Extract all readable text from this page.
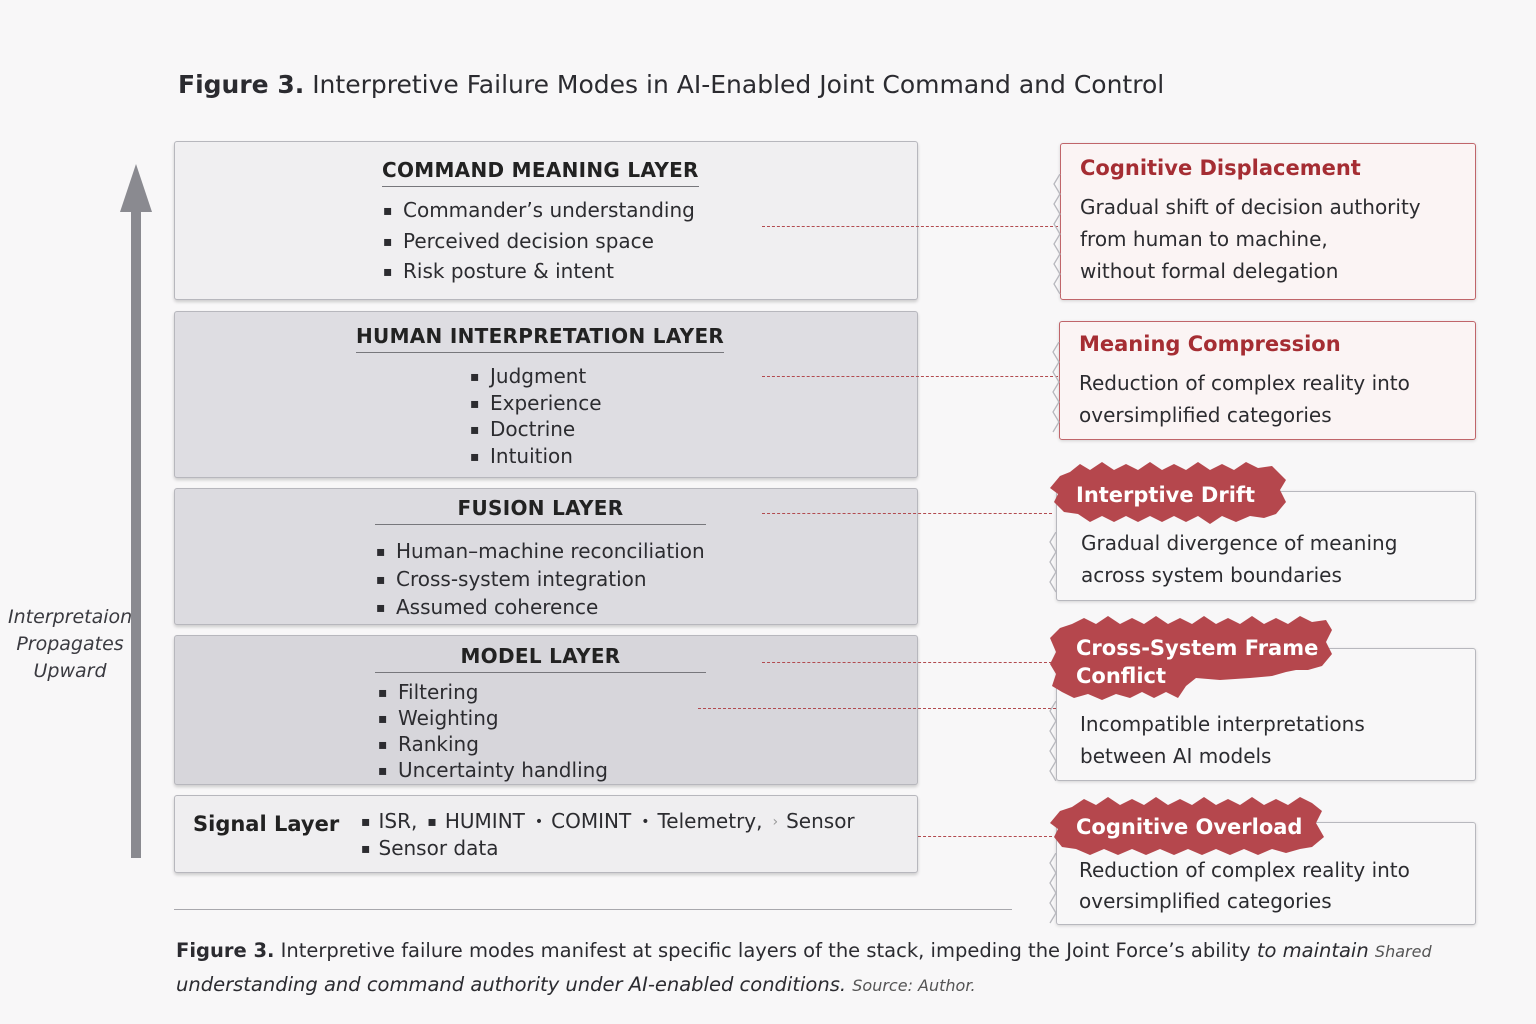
Figure 3. Interpretive Failure Modes in AI-Enabled Joint Command and Control
Interpretaion
Propagates
Upward
COMMAND MEANING LAYER
▪ Commander’s understanding
▪ Perceived decision space
▪ Risk posture & intent
HUMAN INTERPRETATION LAYER
▪ Judgment
▪ Experience
▪ Doctrine
▪ Intuition
FUSION LAYER
▪ Human–machine reconciliation
▪ Cross-system integration
▪ Assumed coherence
MODEL LAYER
▪ Filtering
▪ Weighting
▪ Ranking
▪ Uncertainty handling
Signal Layer ▪ ISR, ▪ HUMINT • COMINT • Telemetry, › Sensor
▪ Sensor data
Cognitive Displacement
Gradual shift of decision authority
from human to machine,
without formal delegation
Meaning Compression
Reduction of complex reality into
oversimplified categories
Gradual divergence of meaning
across system boundaries
Interptive Drift
Incompatible interpretations
between AI models
Cross-System Frame
Conflict
Reduction of complex reality into
oversimplified categories
Cognitive Overload
Figure 3. Interpretive failure modes manifest at specific layers of the stack, impeding the Joint Force’s ability to maintain Shared understanding and command authority under AI-enabled conditions. Source: Author.
